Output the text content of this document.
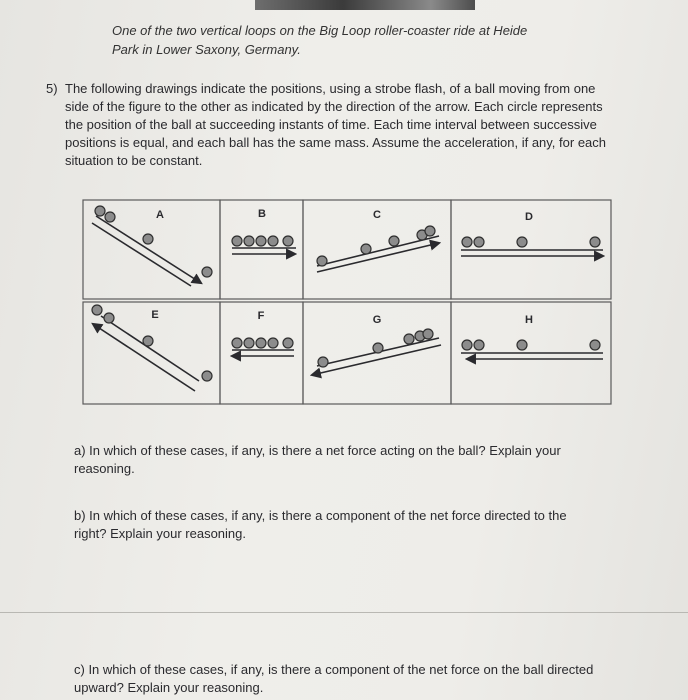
One of the two vertical loops on the Big Loop roller-coaster ride at Heide
Park in Lower Saxony, Germany.
5) The following drawings indicate the positions, using a strobe flash, of a ball moving from one
side of the figure to the other as indicated by the direction of the arrow. Each circle represents
the position of the ball at succeeding instants of time. Each time interval between successive
positions is equal, and each ball has the same mass. Assume the acceleration, if any, for each
situation to be constant.
A	B	C	D
E	F	G	H
a) In which of these cases, if any, is there a net force acting on the ball? Explain your
reasoning.
b) In which of these cases, if any, is there a component of the net force directed to the
right? Explain your reasoning.
c) In which of these cases, if any, is there a component of the net force on the ball directed
upward? Explain your reasoning.
